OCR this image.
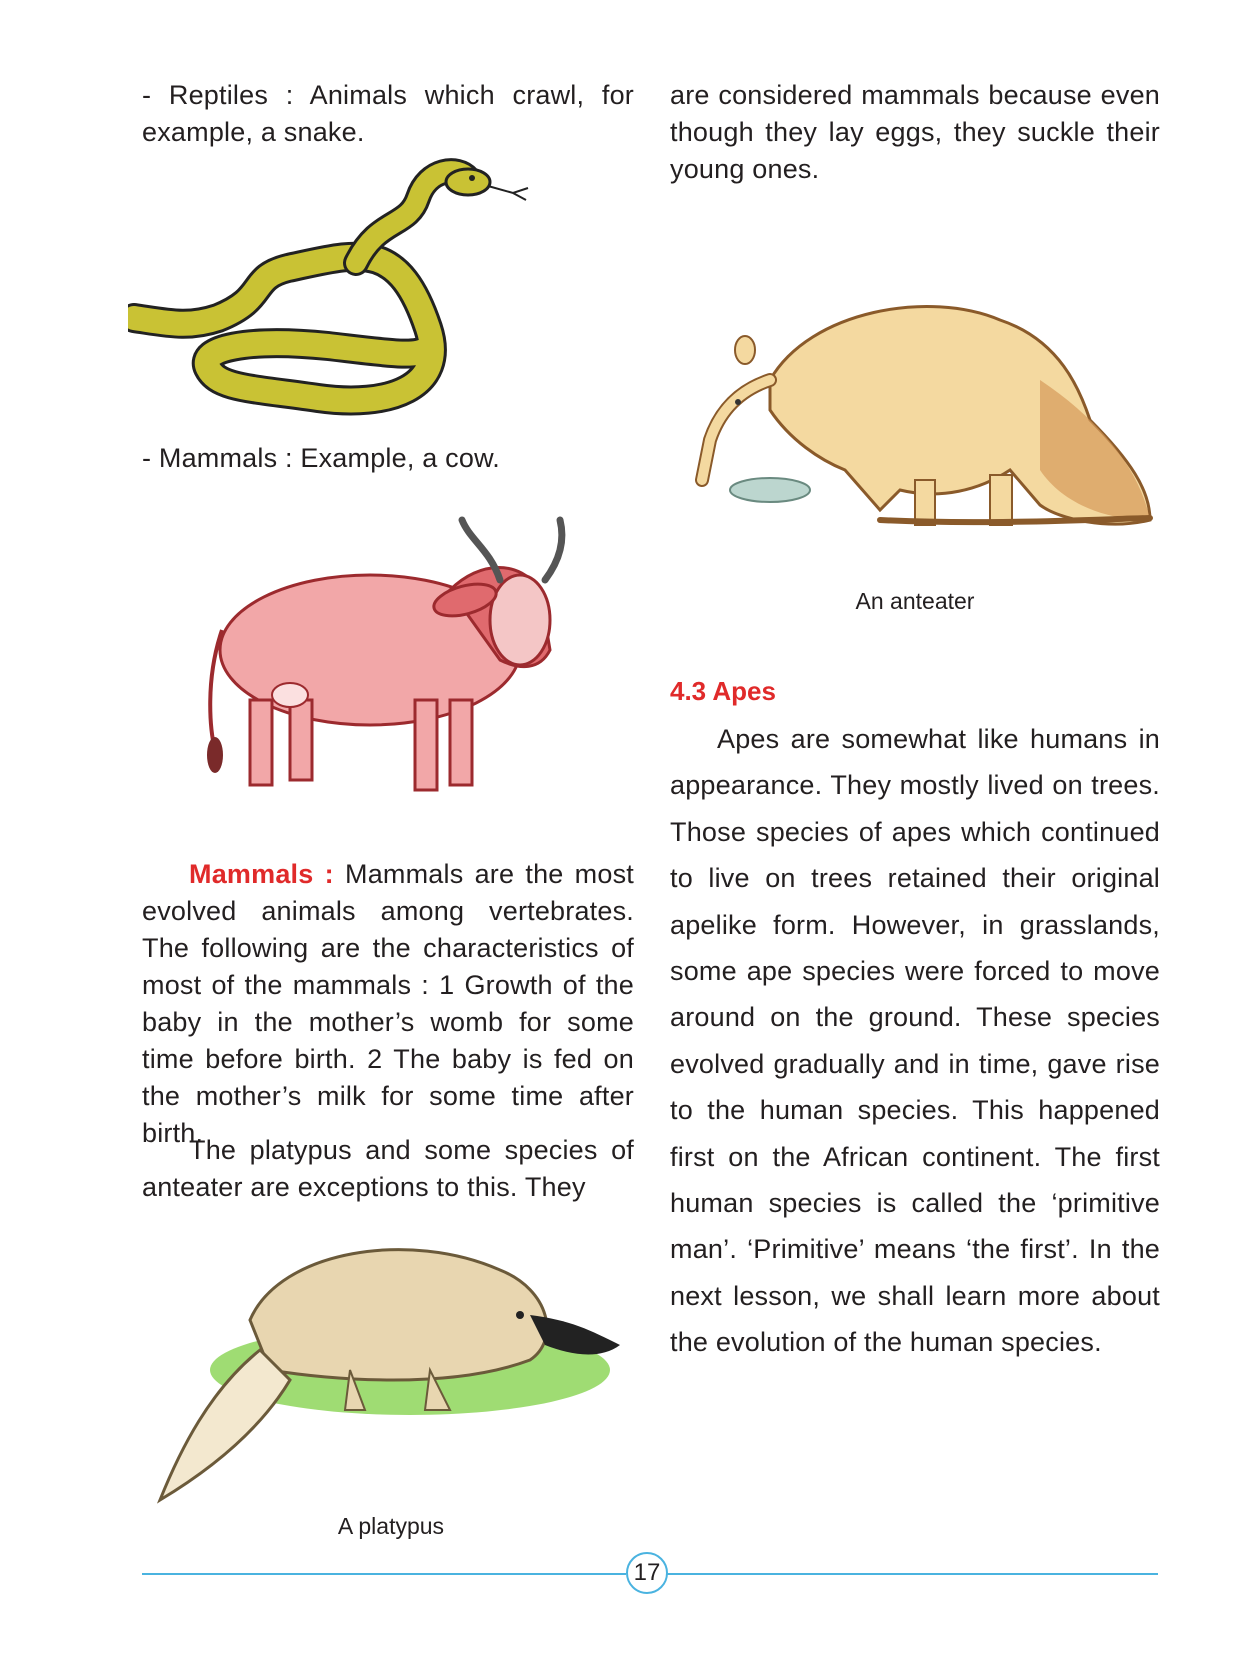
- Reptiles : Animals which crawl, for example, a snake.
- Mammals : Example, a cow.
Mammals : Mammals are the most evolved animals among vertebrates. The following are the characteristics of most of the mammals : 1 Growth of the baby in the mother’s womb for some time before birth. 2 The baby is fed on the mother’s milk for some time after birth.
The platypus and some species of anteater are exceptions to this. They
A platypus
are considered mammals because even though they lay eggs, they suckle their young ones.
An anteater
4.3 Apes
Apes are somewhat like humans in appearance. They mostly lived on trees. Those species of apes which continued to live on trees retained their original apelike form. However, in grasslands, some ape species were forced to move around on the ground. These species evolved gradually and in time, gave rise to the human species. This happened first on the African continent. The first human species is called the ‘primitive man’. ‘Primitive’ means ‘the first’. In the next lesson, we shall learn more about the evolution of the human species.
17
